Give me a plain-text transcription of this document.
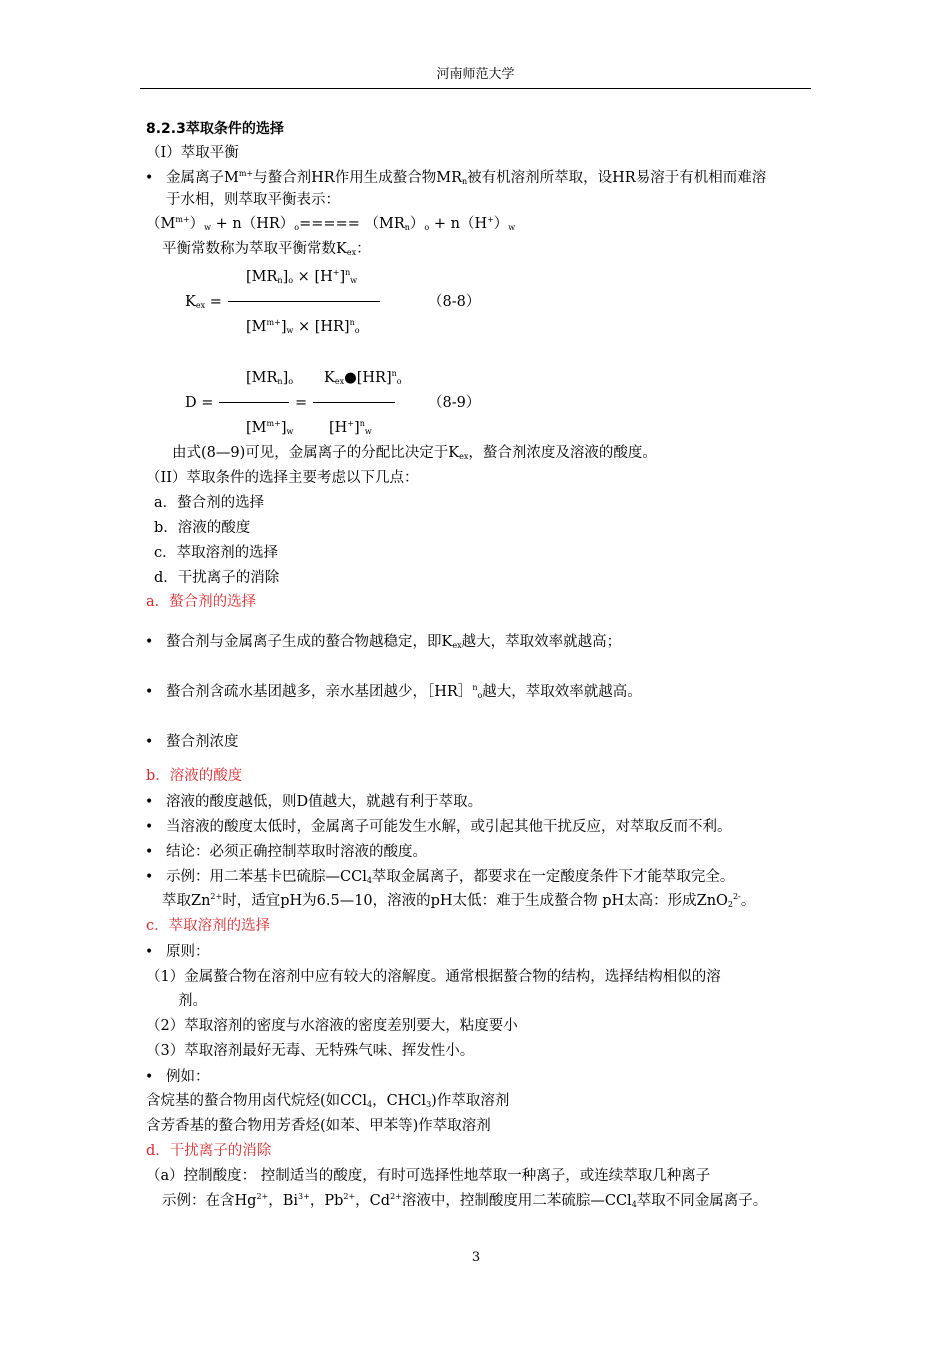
河南师范大学
8.2.3萃取条件的选择
（I）萃取平衡
• 金属离子$M^{m+}$与螯合剂HR作用生成螯合物$MR_n$被有机溶剂所萃取，设HR易溶于有机相而难溶
于水相，则萃取平衡表示：
$(M^{m+})_w + n(HR)_o===== (MR_n)_o + n(H^+)_w$
平衡常数称为萃取平衡常数$K_{ex}$：
$[MR_n]_o \times [H^+]^n_w$
$K_{ex}$ =	（8-8）
$[M^{m+}]_w \times [HR]^n_o$
$[MR_n]_o$ $K_{ex}●[HR]^n_o$
D =	=	（8-9）
$[M^{m+}]_w$ $[H^+]^n_w$
由式(8—9)可见，金属离子的分配比决定于$K_{ex}$，螯合剂浓度及溶液的酸度。
（II）萃取条件的选择主要考虑以下几点：
a．螯合剂的选择
b．溶液的酸度
c．萃取溶剂的选择
d．干扰离子的消除
a．螯合剂的选择
• 螯合剂与金属离子生成的螯合物越稳定，即$K_{ex}$越大，萃取效率就越高；
• 螯合剂含疏水基团越多，亲水基团越少，［HR］$^n_o$越大，萃取效率就越高。
• 螯合剂浓度
b．溶液的酸度
• 溶液的酸度越低，则D值越大，就越有利于萃取。
• 当溶液的酸度太低时，金属离子可能发生水解，或引起其他干扰反应，对萃取反而不利。
• 结论：必须正确控制萃取时溶液的酸度。
• 示例：用二苯基卡巴硫腙—CCl$_4$萃取金属离子，都要求在一定酸度条件下才能萃取完全。
萃取$Zn^{2+}$时，适宜pH为6.5—10，溶液的pH太低：难于生成螯合物 pH太高：形成ZnO$_2^{2-}$。
c．萃取溶剂的选择
• 原则：
（1）金属螯合物在溶剂中应有较大的溶解度。通常根据螯合物的结构，选择结构相似的溶
剂。
（2）萃取溶剂的密度与水溶液的密度差别要大，粘度要小
（3）萃取溶剂最好无毒、无特殊气味、挥发性小。
• 例如：
含烷基的螯合物用卤代烷烃(如CCl$_4$，CHCl$_3$)作萃取溶剂
含芳香基的螯合物用芳香烃(如苯、甲苯等)作萃取溶剂
d．干扰离子的消除
（a）控制酸度： 控制适当的酸度，有时可选择性地萃取一种离子，或连续萃取几种离子
示例：在含$Hg^{2+}$，$Bi^{3+}$，$Pb^{2+}$，$Cd^{2+}$溶液中，控制酸度用二苯硫腙—CCl$_4$萃取不同金属离子。
3
